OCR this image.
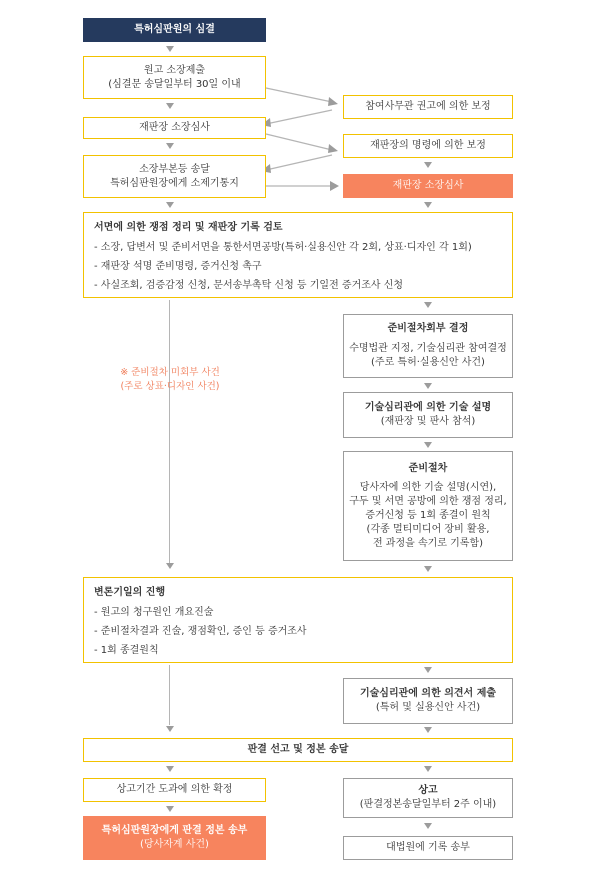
특허심판원의 심결
원고 소장제출
(심결문 송달일부터 30일 이내
참여사무관 권고에 의한 보정
재판장 소장심사
재판장의 명령에 의한 보정
소장부본등 송달
특허심판원장에게 소제기통지	재판장 소장심사
서면에 의한 쟁점 정리 및 재판장 기록 검토
- 소장, 답변서 및 준비서면을 통한서면공방(특허·실용신안 각 2회, 상표·디자인 각 1회)
- 재판장 석명 준비명령, 증거신청 촉구
- 사실조회, 검증감정 신청, 문서송부촉탁 신청 등 기일전 증거조사 신청
※ 준비절차 미회부 사건
(주로 상표·디자인 사건)
준비절차회부 결정
수명법관 지정, 기술심리관 참여결정
(주로 특허·실용신안 사건)
기술심리관에 의한 기술 설명
(재판장 및 판사 참석)
준비절차
당사자에 의한 기술 설명(시연),
구두 및 서면 공방에 의한 쟁점 정리,
증거신청 등 1회 종결이 원칙
(각종 멀티미디어 장비 활용,
전 과정을 속기로 기록함)
변론기일의 진행
- 원고의 청구원인 개요진술
- 준비절차결과 진술, 쟁점확인, 증인 등 증거조사
- 1회 종결원칙
기술심리관에 의한 의견서 제출
(특허 및 실용신안 사건)
판결 선고 및 정본 송달
상고기간 도과에 의한 확정
특허심판원장에게 판결 정본 송부
(당사자계 사건)
상고
(판결정본송달일부터 2주 이내)
대법원에 기록 송부
